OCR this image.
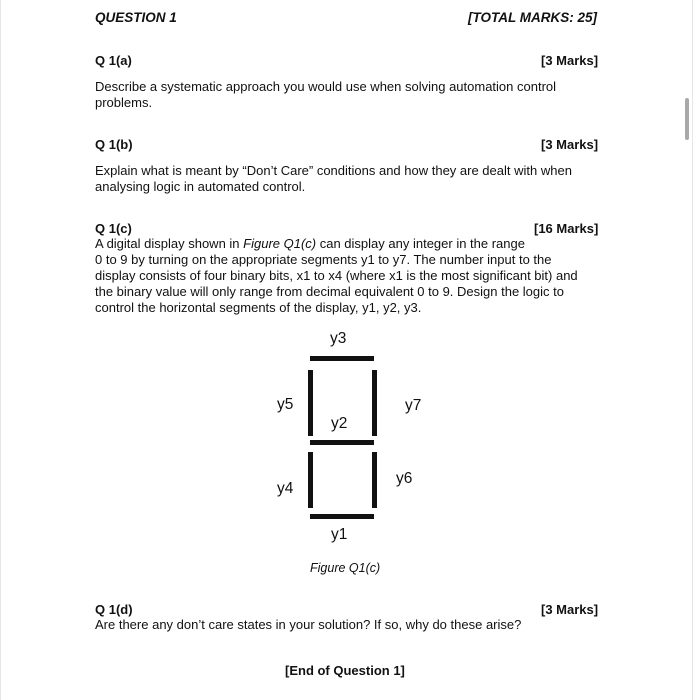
QUESTION 1	[TOTAL MARKS: 25]
Q 1(a)	[3 Marks]
Describe a systematic approach you would use when solving automation control
problems.
Q 1(b)	[3 Marks]
Explain what is meant by “Don’t Care” conditions and how they are dealt with when
analysing logic in automated control.
Q 1(c)	[16 Marks]
A digital display shown in Figure Q1(c) can display any integer in the range
0 to 9 by turning on the appropriate segments y1 to y7. The number input to the
display consists of four binary bits, x1 to x4 (where x1 is the most significant bit) and
the binary value will only range from decimal equivalent 0 to 9. Design the logic to
control the horizontal segments of the display, y1, y2, y3.
y3
y5	y7
y2
y4
y6
y1
Figure Q1(c)
Q 1(d)	[3 Marks]
Are there any don’t care states in your solution? If so, why do these arise?
[End of Question 1]
